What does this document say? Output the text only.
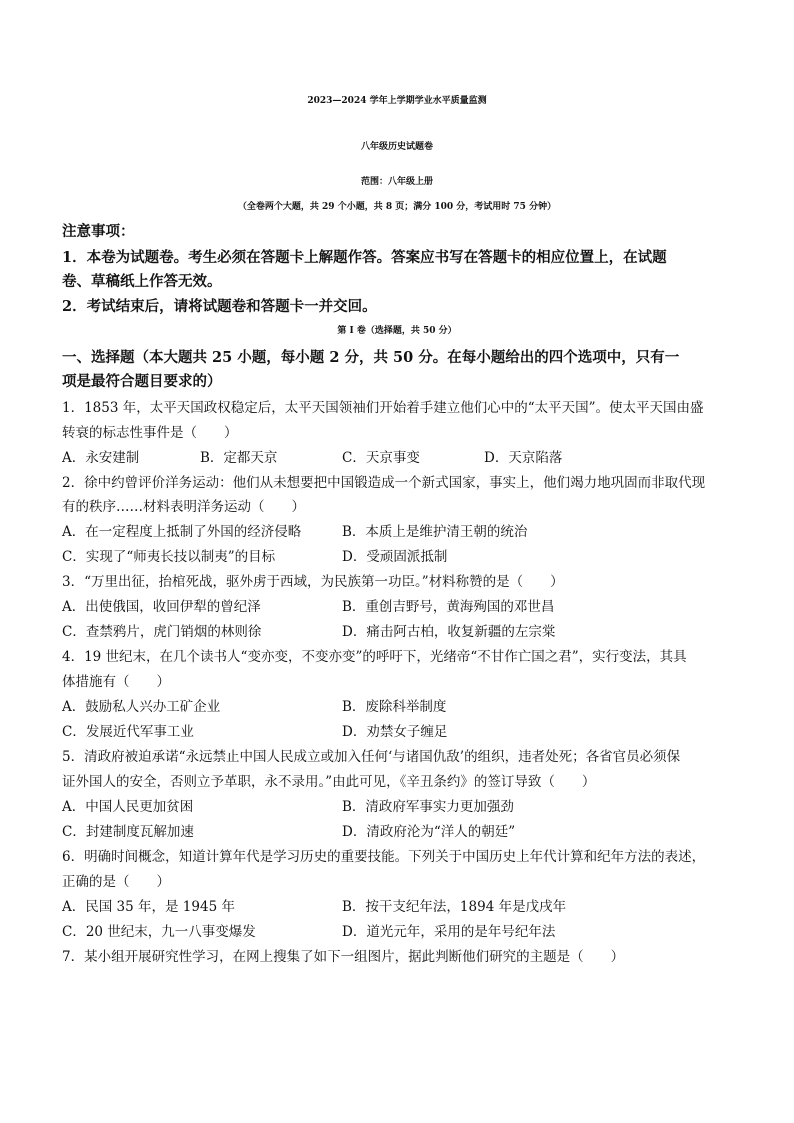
2023—2024 学年上学期学业水平质量监测
八年级历史试题卷
范围：八年级上册
（全卷两个大题，共 29 个小题，共 8 页；满分 100 分，考试用时 75 分钟）
注意事项：
1．本卷为试题卷。考生必须在答题卡上解题作答。答案应书写在答题卡的相应位置上，在试题
卷、草稿纸上作答无效。
2．考试结束后，请将试题卷和答题卡一并交回。
第 I 卷（选择题，共 50 分）
一、选择题（本大题共 25 小题，每小题 2 分，共 50 分。在每小题给出的四个选项中，只有一
项是最符合题目要求的）
1．1853 年，太平天国政权稳定后，太平天国领袖们开始着手建立他们心中的“太平天国”。使太平天国由盛
转衰的标志性事件是（　　）
A．永安建制	B．定都天京	C．天京事变	D．天京陷落
2．徐中约曾评价洋务运动：他们从未想要把中国锻造成一个新式国家，事实上，他们竭力地巩固而非取代现
有的秩序……材料表明洋务运动（　　）
A．在一定程度上抵制了外国的经济侵略	B．本质上是维护清王朝的统治
C．实现了“师夷长技以制夷”的目标	D．受顽固派抵制
3．“万里出征，抬棺死战，驱外虏于西域，为民族第一功臣。”材料称赞的是（　　）
A．出使俄国，收回伊犁的曾纪泽	B．重创吉野号，黄海殉国的邓世昌
C．查禁鸦片，虎门销烟的林则徐	D．痛击阿古柏，收复新疆的左宗棠
4．19 世纪末，在几个读书人“变亦变，不变亦变”的呼吁下，光绪帝“不甘作亡国之君”，实行变法，其具
体措施有（　　）
A．鼓励私人兴办工矿企业	B．废除科举制度
C．发展近代军事工业	D．劝禁女子缠足
5．清政府被迫承诺“永远禁止中国人民成立或加入任何‘与诸国仇敌’的组织，违者处死；各省官员必须保
证外国人的安全，否则立予革职，永不录用。”由此可见，《辛丑条约》的签订导致（　　）
A．中国人民更加贫困	B．清政府军事实力更加强劲
C．封建制度瓦解加速	D．清政府沦为“洋人的朝廷”
6．明确时间概念，知道计算年代是学习历史的重要技能。下列关于中国历史上年代计算和纪年方法的表述，
正确的是（　　）
A．民国 35 年，是 1945 年	B．按干支纪年法，1894 年是戊戌年
C．20 世纪末，九一八事变爆发	D．道光元年，采用的是年号纪年法
7．某小组开展研究性学习，在网上搜集了如下一组图片，据此判断他们研究的主题是（　　）
